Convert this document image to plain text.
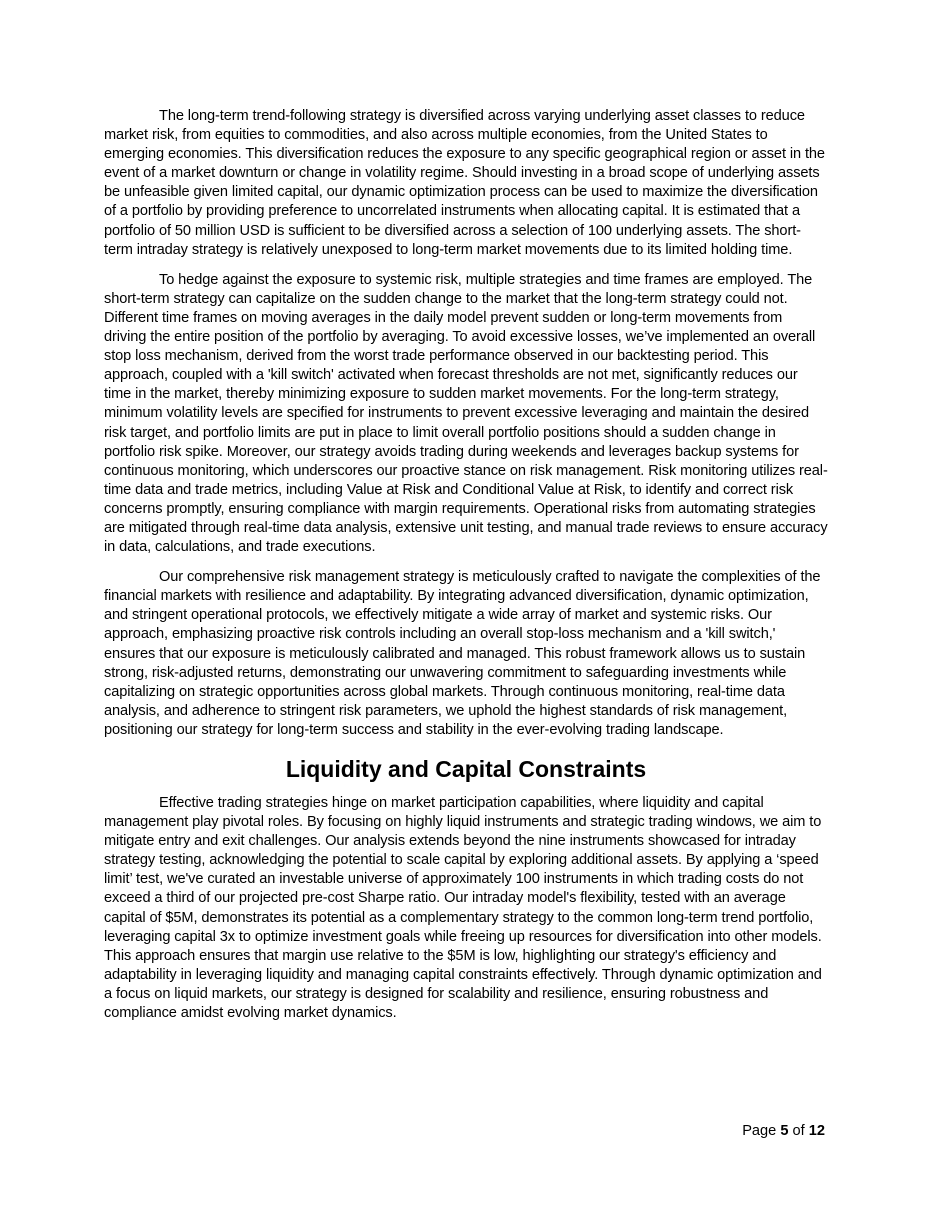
The long-term trend-following strategy is diversified across varying underlying asset classes to reduce market risk, from equities to commodities, and also across multiple economies, from the United States to emerging economies. This diversification reduces the exposure to any specific geographical region or asset in the event of a market downturn or change in volatility regime. Should investing in a broad scope of underlying assets be unfeasible given limited capital, our dynamic optimization process can be used to maximize the diversification of a portfolio by providing preference to uncorrelated instruments when allocating capital. It is estimated that a portfolio of 50 million USD is sufficient to be diversified across a selection of 100 underlying assets. The short-term intraday strategy is relatively unexposed to long-term market movements due to its limited holding time.

To hedge against the exposure to systemic risk, multiple strategies and time frames are employed. The short-term strategy can capitalize on the sudden change to the market that the long-term strategy could not. Different time frames on moving averages in the daily model prevent sudden or long-term movements from driving the entire position of the portfolio by averaging. To avoid excessive losses, we’ve implemented an overall stop loss mechanism, derived from the worst trade performance observed in our backtesting period. This approach, coupled with a 'kill switch' activated when forecast thresholds are not met, significantly reduces our time in the market, thereby minimizing exposure to sudden market movements. For the long-term strategy, minimum volatility levels are specified for instruments to prevent excessive leveraging and maintain the desired risk target, and portfolio limits are put in place to limit overall portfolio positions should a sudden change in portfolio risk spike. Moreover, our strategy avoids trading during weekends and leverages backup systems for continuous monitoring, which underscores our proactive stance on risk management. Risk monitoring utilizes real-time data and trade metrics, including Value at Risk and Conditional Value at Risk, to identify and correct risk concerns promptly, ensuring compliance with margin requirements. Operational risks from automating strategies are mitigated through real-time data analysis, extensive unit testing, and manual trade reviews to ensure accuracy in data, calculations, and trade executions.

Our comprehensive risk management strategy is meticulously crafted to navigate the complexities of the financial markets with resilience and adaptability. By integrating advanced diversification, dynamic optimization, and stringent operational protocols, we effectively mitigate a wide array of market and systemic risks. Our approach, emphasizing proactive risk controls including an overall stop-loss mechanism and a 'kill switch,' ensures that our exposure is meticulously calibrated and managed. This robust framework allows us to sustain strong, risk-adjusted returns, demonstrating our unwavering commitment to safeguarding investments while capitalizing on strategic opportunities across global markets. Through continuous monitoring, real-time data analysis, and adherence to stringent risk parameters, we uphold the highest standards of risk management, positioning our strategy for long-term success and stability in the ever-evolving trading landscape.

Liquidity and Capital Constraints

Effective trading strategies hinge on market participation capabilities, where liquidity and capital management play pivotal roles. By focusing on highly liquid instruments and strategic trading windows, we aim to mitigate entry and exit challenges. Our analysis extends beyond the nine instruments showcased for intraday strategy testing, acknowledging the potential to scale capital by exploring additional assets. By applying a ‘speed limit’ test, we've curated an investable universe of approximately 100 instruments in which trading costs do not exceed a third of our projected pre-cost Sharpe ratio. Our intraday model's flexibility, tested with an average capital of $5M, demonstrates its potential as a complementary strategy to the common long-term trend portfolio, leveraging capital 3x to optimize investment goals while freeing up resources for diversification into other models. This approach ensures that margin use relative to the $5M is low, highlighting our strategy's efficiency and adaptability in leveraging liquidity and managing capital constraints effectively. Through dynamic optimization and a focus on liquid markets, our strategy is designed for scalability and resilience, ensuring robustness and compliance amidst evolving market dynamics.

Page 5 of 12
